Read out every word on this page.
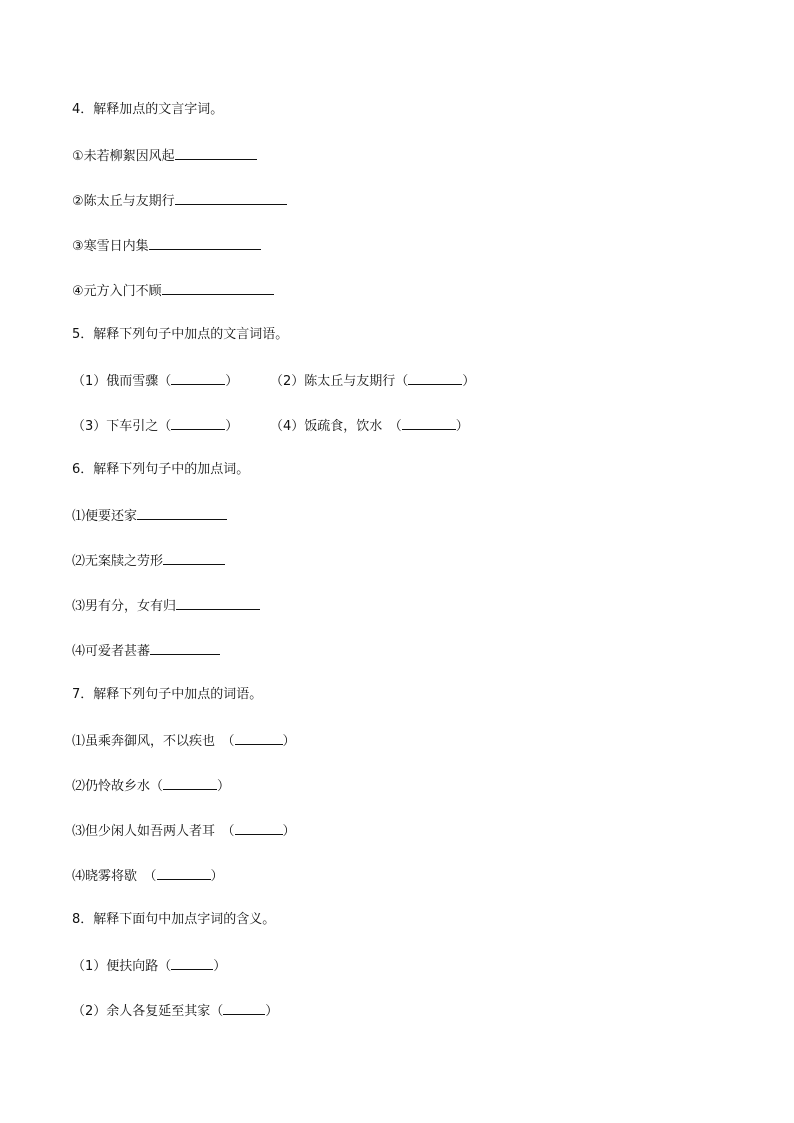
4．解释加点的文言字词。
①未若柳絮因风起
②陈太丘与友期行
③寒雪日内集
④元方入门不顾
5．解释下列句子中加点的文言词语。
（1）俄而雪骤（	） （2）陈太丘与友期行（	）
（3）下车引之（	） （4）饭疏食，饮水　（	）
6．解释下列句子中的加点词。
⑴便要还家
⑵无案牍之劳形
⑶男有分，女有归
⑷可爱者甚蕃
7．解释下列句子中加点的词语。
⑴虽乘奔御风，不以疾也　（	）
⑵仍怜故乡水（	）
⑶但少闲人如吾两人者耳　（	）
⑷晓雾将歇　（	）
8．解释下面句中加点字词的含义。
（1）便扶向路（	）
（2）余人各复延至其家（	）
